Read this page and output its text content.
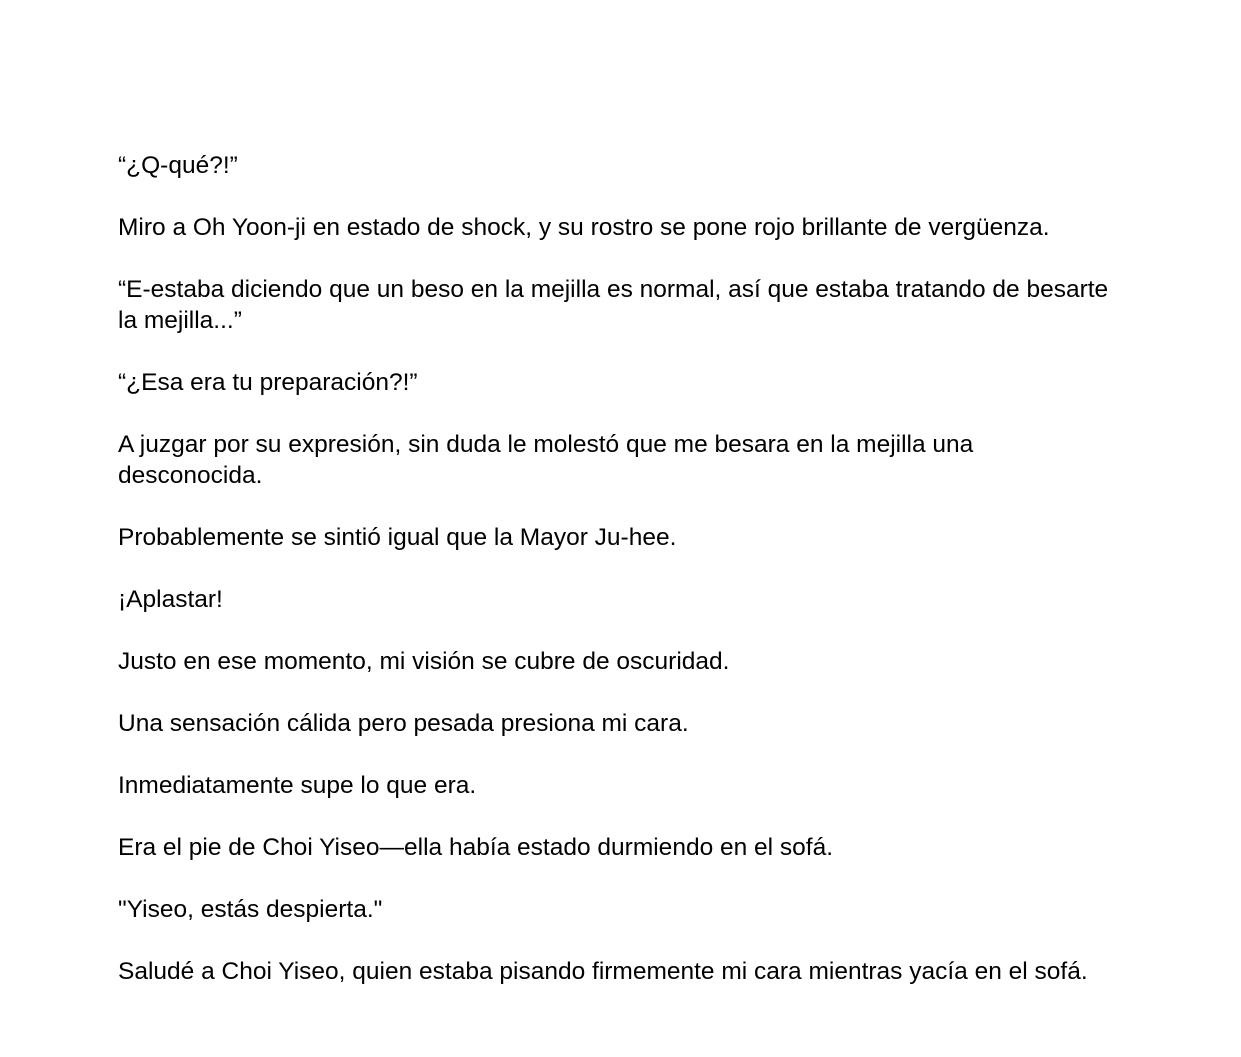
“¿Q-qué?!”

Miro a Oh Yoon-ji en estado de shock, y su rostro se pone rojo brillante de vergüenza.

“E-estaba diciendo que un beso en la mejilla es normal, así que estaba tratando de besarte la mejilla...”

“¿Esa era tu preparación?!”

A juzgar por su expresión, sin duda le molestó que me besara en la mejilla una desconocida.

Probablemente se sintió igual que la Mayor Ju-hee.

¡Aplastar!

Justo en ese momento, mi visión se cubre de oscuridad.

Una sensación cálida pero pesada presiona mi cara.

Inmediatamente supe lo que era.

Era el pie de Choi Yiseo—ella había estado durmiendo en el sofá.

"Yiseo, estás despierta."

Saludé a Choi Yiseo, quien estaba pisando firmemente mi cara mientras yacía en el sofá.
